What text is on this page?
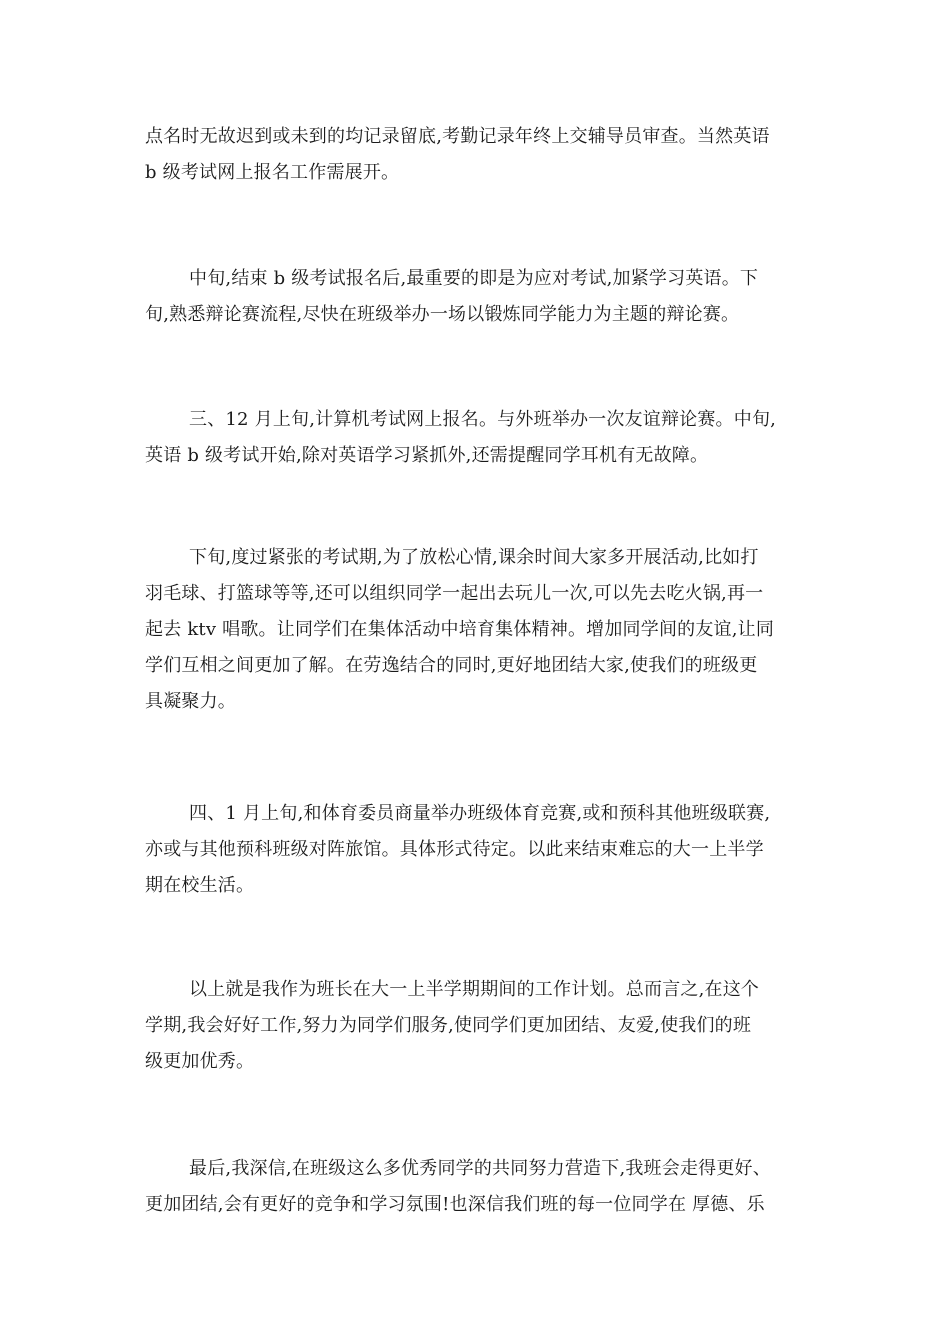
点名时无故迟到或未到的均记录留底,考勤记录年终上交辅导员审查。当然英语
b 级考试网上报名工作需展开。
中旬,结束 b 级考试报名后,最重要的即是为应对考试,加紧学习英语。下
旬,熟悉辩论赛流程,尽快在班级举办一场以锻炼同学能力为主题的辩论赛。
三、12 月上旬,计算机考试网上报名。与外班举办一次友谊辩论赛。中旬,
英语 b 级考试开始,除对英语学习紧抓外,还需提醒同学耳机有无故障。
下旬,度过紧张的考试期,为了放松心情,课余时间大家多开展活动,比如打
羽毛球、打篮球等等,还可以组织同学一起出去玩儿一次,可以先去吃火锅,再一
起去 ktv 唱歌。让同学们在集体活动中培育集体精神。增加同学间的友谊,让同
学们互相之间更加了解。在劳逸结合的同时,更好地团结大家,使我们的班级更
具凝聚力。
四、1 月上旬,和体育委员商量举办班级体育竞赛,或和预科其他班级联赛,
亦或与其他预科班级对阵旅馆。具体形式待定。以此来结束难忘的大一上半学
期在校生活。
以上就是我作为班长在大一上半学期期间的工作计划。总而言之,在这个
学期,我会好好工作,努力为同学们服务,使同学们更加团结、友爱,使我们的班
级更加优秀。
最后,我深信,在班级这么多优秀同学的共同努力营造下,我班会走得更好、
更加团结,会有更好的竞争和学习氛围!也深信我们班的每一位同学在 厚德、乐
